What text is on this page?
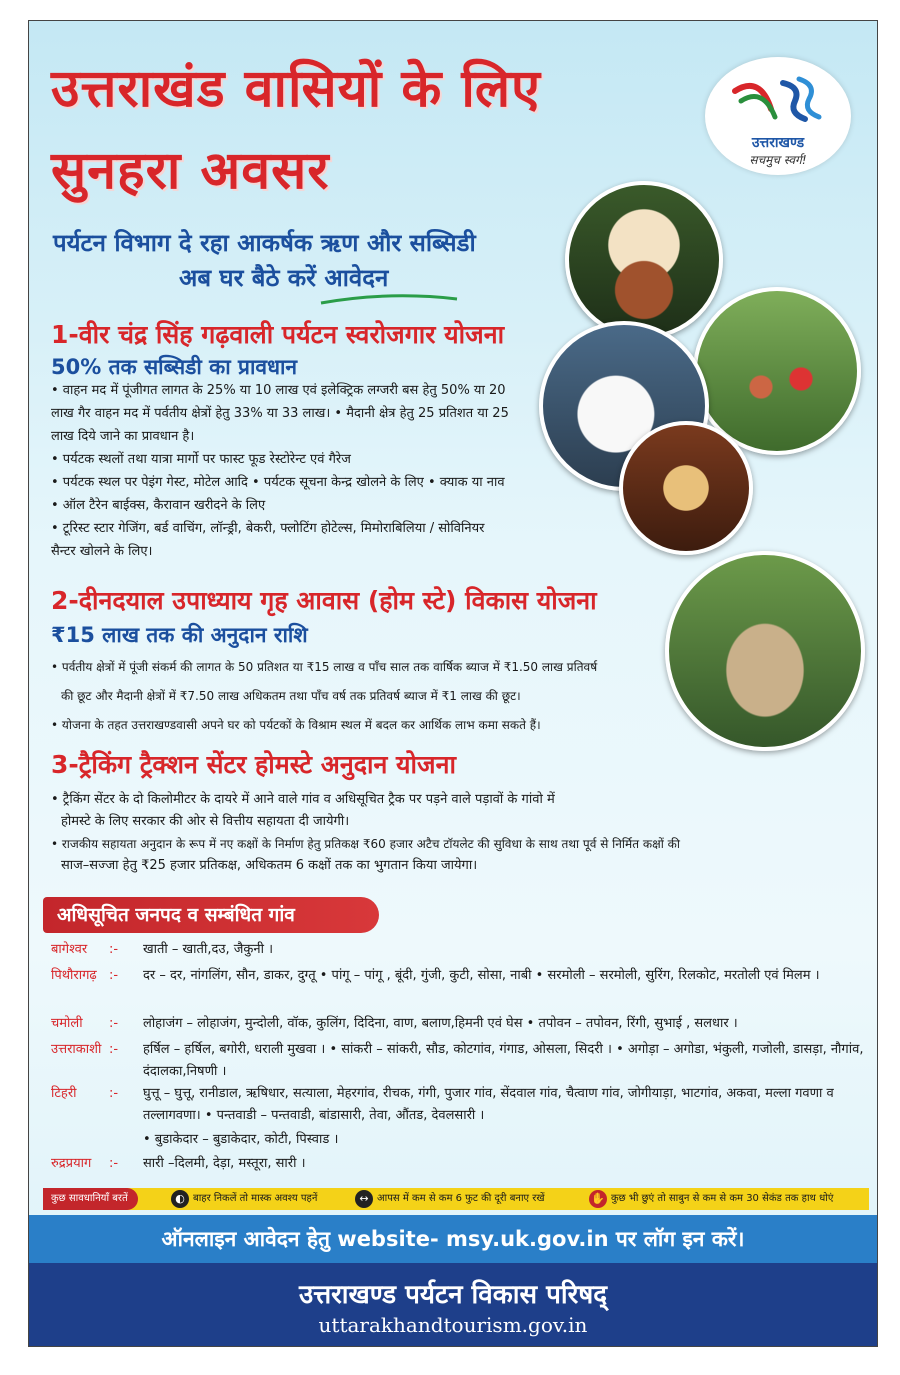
उत्तराखंड वासियों के लिए
सुनहरा अवसर	उत्तराखण्ड
सचमुच स्वर्ग!
पर्यटन विभाग दे रहा आकर्षक ऋण और सब्सिडी
अब घर बैठे करें आवेदन
1-वीर चंद्र सिंह गढ़वाली पर्यटन स्वरोजगार योजना
50% तक सब्सिडी का प्रावधान
• वाहन मद में पूंजीगत लागत के 25% या 10 लाख एवं इलेक्ट्रिक लग्जरी बस हेतु 50% या 20
लाख गैर वाहन मद में पर्वतीय क्षेत्रों हेतु 33% या 33 लाख। • मैदानी क्षेत्र हेतु 25 प्रतिशत या 25
लाख दिये जाने का प्रावधान है।
• पर्यटक स्थलों तथा यात्रा मार्गो पर फास्ट फूड रेस्टोरेन्ट एवं गैरेज
• पर्यटक स्थल पर पेइंग गेस्ट, मोटेल आदि • पर्यटक सूचना केन्द्र खोलने के लिए • क्याक या नाव
• ऑल टैरेन बाईक्स, कैरावान खरीदने के लिए
• टूरिस्ट स्टार गेजिंग, बर्ड वाचिंग, लॉन्ड्री, बेकरी, फ्लोटिंग होटेल्स, मिमोराबिलिया / सोविनियर
सैन्टर खोलने के लिए।
2-दीनदयाल उपाध्याय गृह आवास (होम स्टे) विकास योजना
₹15 लाख तक की अनुदान राशि
• पर्वतीय क्षेत्रों में पूंजी संकर्म की लागत के 50 प्रतिशत या ₹15 लाख व पाँच साल तक वार्षिक ब्याज में ₹1.50 लाख प्रतिवर्ष
की छूट और मैदानी क्षेत्रों में ₹7.50 लाख अधिकतम तथा पाँच वर्ष तक प्रतिवर्ष ब्याज में ₹1 लाख की छूट।
• योजना के तहत उत्तराखण्डवासी अपने घर को पर्यटकों के विश्राम स्थल में बदल कर आर्थिक लाभ कमा सकते हैं।
3-ट्रैकिंग ट्रैक्शन सेंटर होमस्टे अनुदान योजना
• ट्रैकिंग सेंटर के दो किलोमीटर के दायरे में आने वाले गांव व अधिसूचित ट्रैक पर पड़ने वाले पड़ावों के गांवो में
होमस्टे के लिए सरकार की ओर से वित्तीय सहायता दी जायेगी।
• राजकीय सहायता अनुदान के रूप में नए कक्षों के निर्माण हेतु प्रतिकक्ष ₹60 हजार अटैच टॉयलेट की सुविधा के साथ तथा पूर्व से निर्मित कक्षों की
साज–सज्जा हेतु ₹25 हजार प्रतिकक्ष, अधिकतम 6 कक्षों तक का भुगतान किया जायेगा।
अधिसूचित जनपद व सम्बंधित गांव
बागेश्वर :- खाती – खाती,दउ, जैकुनी ।
पिथौरागढ़ :- दर – दर, नांगलिंग, सौन, डाकर, दुग्तू • पांगू – पांगू , बूंदी, गुंजी, कुटी, सोसा, नाबी • सरमोली – सरमोली, सुरिंग, रिलकोट, मरतोली एवं मिलम ।
चमोली :- लोहाजंग – लोहाजंग, मुन्दोली, वॉक, कुलिंग, दिदिना, वाण, बलाण,हिमनी एवं घेस • तपोवन – तपोवन, रिंगी, सुभाई , सलधार ।
उत्तराकाशी :- हर्षिल – हर्षिल, बगोरी, धराली मुखवा । • सांकरी – सांकरी, सौड, कोटगांव, गंगाड, ओसला, सिदरी । • अगोड़ा – अगोडा, भंकुली, गजोली, डासड़ा, नौगांव, दंदालका,निषणी ।
टिहरी :- घुत्तू – घुत्तू, रानीडाल, ऋषिधार, सत्याला, मेहरगांव, रीचक, गंगी, पुजार गांव, सेंदवाल गांव, चैत्वाण गांव, जोगीयाड़ा, भाटगांव, अकवा, मल्ला गवणा व तल्लागवणा। • पन्तवाडी – पन्तवाडी, बांडासारी, तेवा, औंतड, देवलसारी ।
• बुडाकेदार – बुडाकेदार, कोटी, पिस्वाड ।
रुद्रप्रयाग :- सारी –दिलमी, देड़ा, मस्तूरा, सारी ।
कुछ सावधानियाँ बरतें	◐ बाहर निकलें तो मास्क अवश्य पहनें	↔ आपस में कम से कम 6 फुट की दूरी बनाए रखें	✋ कुछ भी छुएं तो साबुन से कम से कम 30 सेकंड तक हाथ धोएं
ऑनलाइन आवेदन हेतु website- msy.uk.gov.in पर लॉग इन करें।
उत्तराखण्ड पर्यटन विकास परिषद्
uttarakhandtourism.gov.in
